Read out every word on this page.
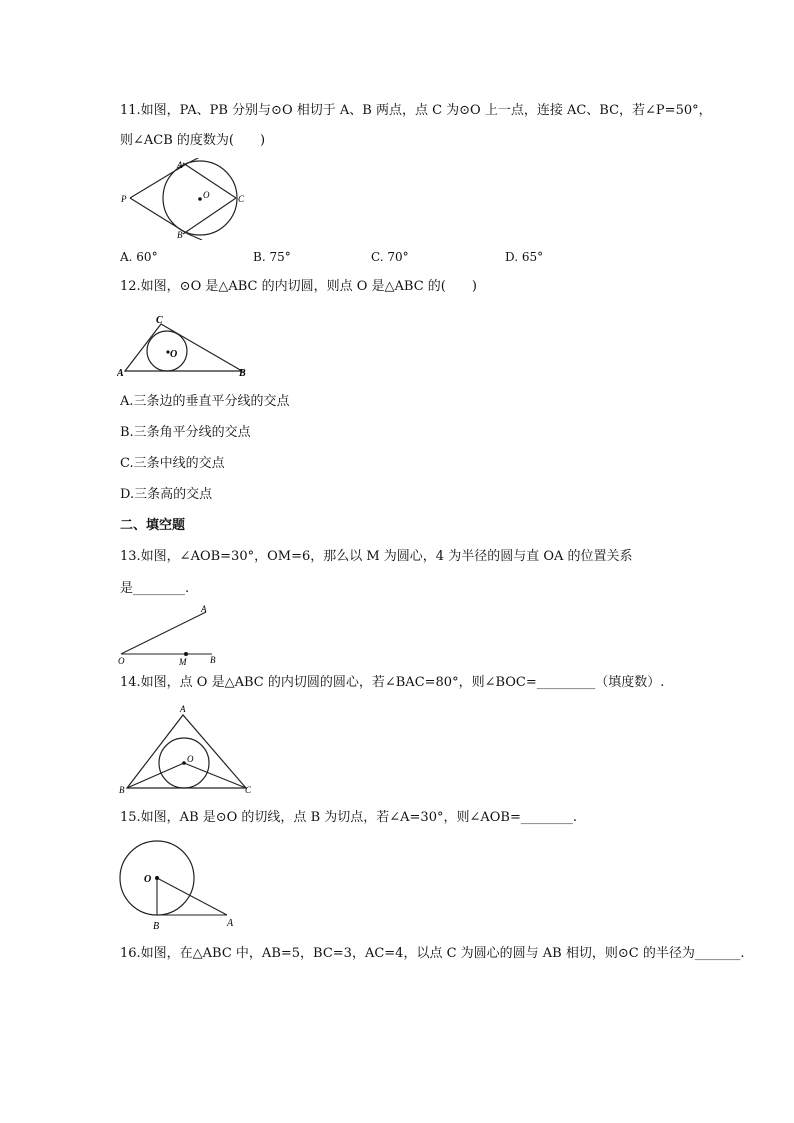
11.如图，PA、PB 分别与⊙O 相切于 A、B 两点，点 C 为⊙O 上一点，连接 AC、BC，若∠P=50°，
则∠ACB 的度数为(　　)
A
B
P	O	C
A. 60°	B. 75°	C. 70°	D. 65°
12.如图，⊙O 是△ABC 的内切圆，则点 O 是△ABC 的(　　)
A	B
C
O
A.三条边的垂直平分线的交点
B.三条角平分线的交点
C.三条中线的交点
D.三条高的交点
二、填空题
13.如图，∠AOB=30°，OM=6，那么以 M 为圆心，4 为半径的圆与直 OA 的位置关系
是________.
A
O	M	B
14.如图，点 O 是△ABC 的内切圆的圆心，若∠BAC=80°，则∠BOC=_________（填度数）.
A
B	C
O
15.如图，AB 是⊙O 的切线，点 B 为切点，若∠A=30°，则∠AOB=________.
O
B	A
16.如图，在△ABC 中，AB=5，BC=3，AC=4，以点 C 为圆心的圆与 AB 相切，则⊙C 的半径为_______.
